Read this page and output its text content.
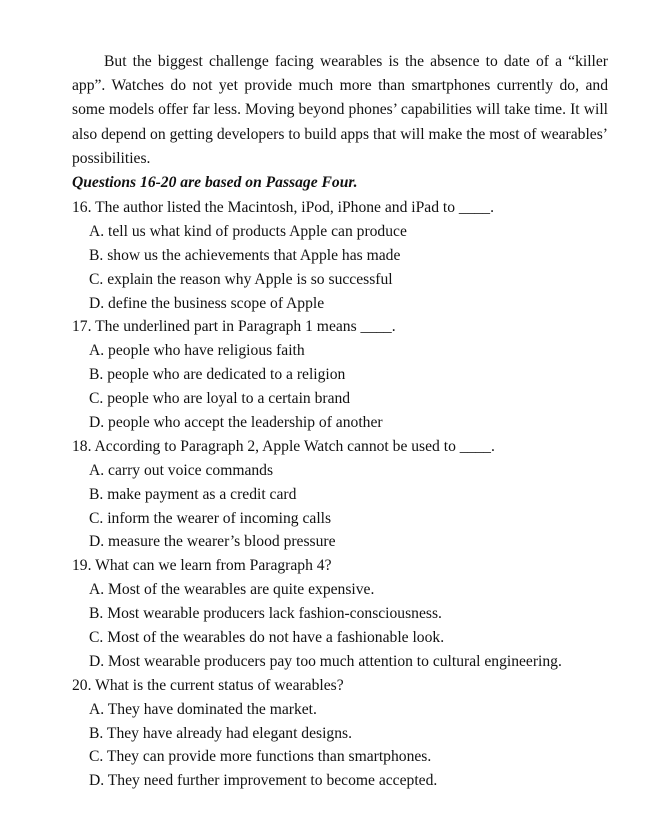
But the biggest challenge facing wearables is the absence to date of a “killer app”. Watches do not yet provide much more than smartphones currently do, and some models offer far less. Moving beyond phones’ capabilities will take time. It will also depend on getting developers to build apps that will make the most of wearables’ possibilities.

Questions 16-20 are based on Passage Four.

16. The author listed the Macintosh, iPod, iPhone and iPad to ____.
A. tell us what kind of products Apple can produce
B. show us the achievements that Apple has made
C. explain the reason why Apple is so successful
D. define the business scope of Apple
17. The underlined part in Paragraph 1 means ____.
A. people who have religious faith
B. people who are dedicated to a religion
C. people who are loyal to a certain brand
D. people who accept the leadership of another
18. According to Paragraph 2, Apple Watch cannot be used to ____.
A. carry out voice commands
B. make payment as a credit card
C. inform the wearer of incoming calls
D. measure the wearer’s blood pressure
19. What can we learn from Paragraph 4?
A. Most of the wearables are quite expensive.
B. Most wearable producers lack fashion-consciousness.
C. Most of the wearables do not have a fashionable look.
D. Most wearable producers pay too much attention to cultural engineering.
20. What is the current status of wearables?
A. They have dominated the market.
B. They have already had elegant designs.
C. They can provide more functions than smartphones.
D. They need further improvement to become accepted.
